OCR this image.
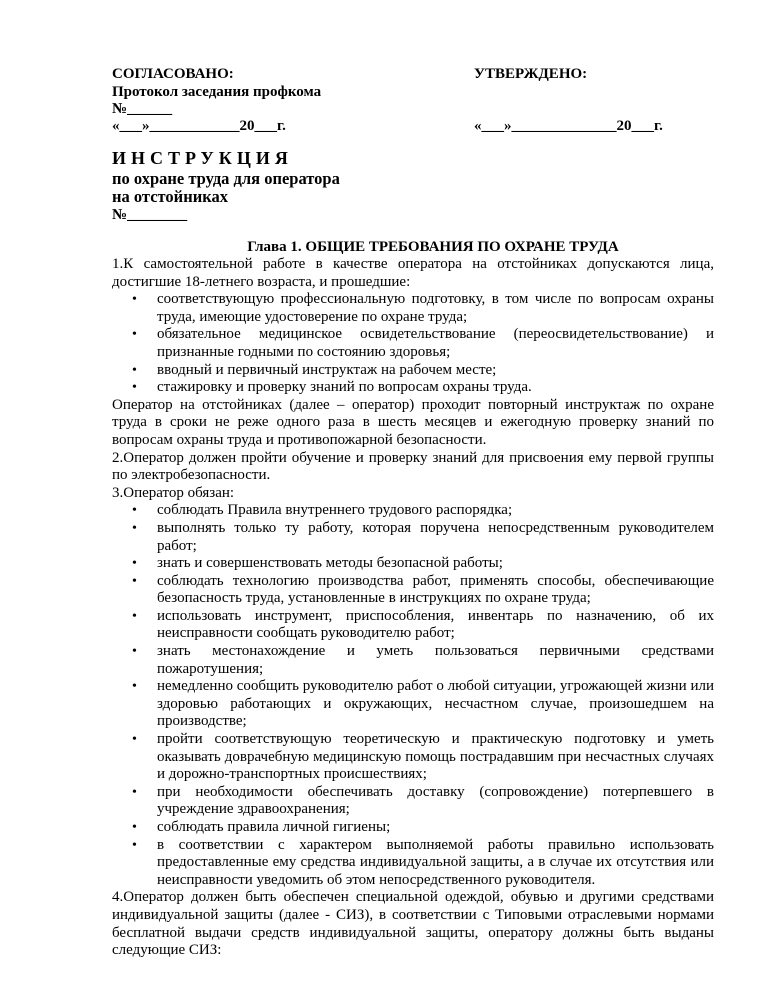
СОГЛАСОВАНО:
Протокол заседания профкома
№______
«___»____________20___г.
УТВЕРЖДЕНО:
«___»______________20___г.
ИНСТРУКЦИЯ
по охране труда для оператора
на отстойниках
№________

Глава 1. ОБЩИЕ ТРЕБОВАНИЯ ПО ОХРАНЕ ТРУДА

1.К самостоятельной работе в качестве оператора на отстойниках допускаются лица, достигшие 18-летнего возраста, и прошедшие:

• соответствующую профессиональную подготовку, в том числе по вопросам охраны труда, имеющие удостоверение по охране труда;
• обязательное медицинское освидетельствование (переосвидетельствование) и признанные годными по состоянию здоровья;
• вводный и первичный инструктаж на рабочем месте;
• стажировку и проверку знаний по вопросам охраны труда.

Оператор на отстойниках (далее – оператор) проходит повторный инструктаж по охране труда в сроки не реже одного раза в шесть месяцев и ежегодную проверку знаний по вопросам охраны труда и противопожарной безопасности.

2.Оператор должен пройти обучение и проверку знаний для присвоения ему первой группы по электробезопасности.

3.Оператор обязан:

• соблюдать Правила внутреннего трудового распорядка;
• выполнять только ту работу, которая поручена непосредственным руководителем работ;
• знать и совершенствовать методы безопасной работы;
• соблюдать технологию производства работ, применять способы, обеспечивающие безопасность труда, установленные в инструкциях по охране труда;
• использовать инструмент, приспособления, инвентарь по назначению, об их неисправности сообщать руководителю работ;
• знать местонахождение и уметь пользоваться первичными средствами пожаротушения;
• немедленно сообщить руководителю работ о любой ситуации, угрожающей жизни или здоровью работающих и окружающих, несчастном случае, произошедшем на производстве;
• пройти соответствующую теоретическую и практическую подготовку и уметь оказывать доврачебную медицинскую помощь пострадавшим при несчастных случаях и дорожно-транспортных происшествиях;
• при необходимости обеспечивать доставку (сопровождение) потерпевшего в учреждение здравоохранения;
• соблюдать правила личной гигиены;
• в соответствии с характером выполняемой работы правильно использовать предоставленные ему средства индивидуальной защиты, а в случае их отсутствия или неисправности уведомить об этом непосредственного руководителя.

4.Оператор должен быть обеспечен специальной одеждой, обувью и другими средствами индивидуальной защиты (далее - СИЗ), в соответствии с Типовыми отраслевыми нормами бесплатной выдачи средств индивидуальной защиты, оператору должны быть выданы следующие СИЗ:
